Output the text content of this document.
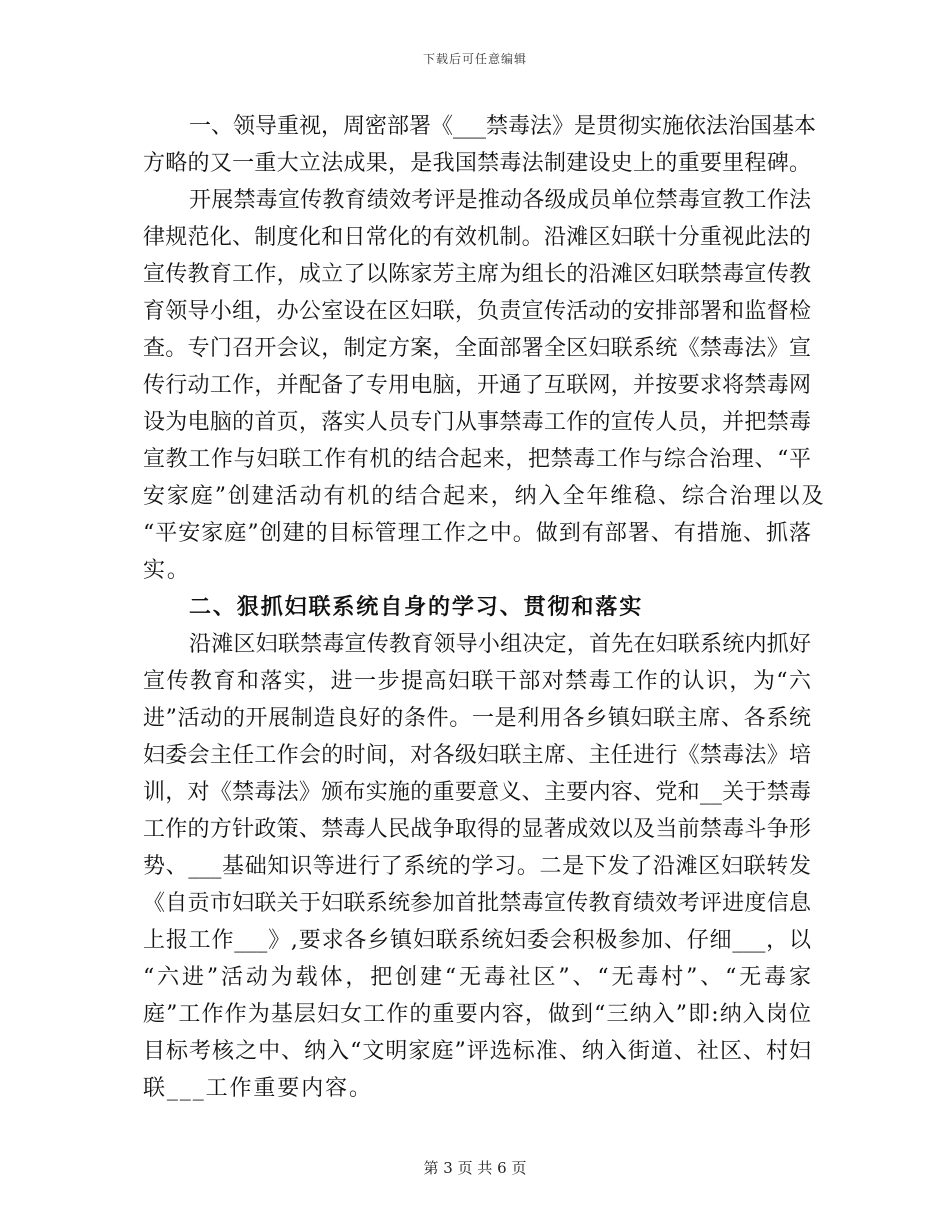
下载后可任意编辑
一、领导重视，周密部署《___禁毒法》是贯彻实施依法治国基本
方略的又一重大立法成果，是我国禁毒法制建设史上的重要里程碑。
开展禁毒宣传教育绩效考评是推动各级成员单位禁毒宣教工作法
律规范化、制度化和日常化的有效机制。沿滩区妇联十分重视此法的
宣传教育工作，成立了以陈家芳主席为组长的沿滩区妇联禁毒宣传教
育领导小组，办公室设在区妇联，负责宣传活动的安排部署和监督检
查。专门召开会议，制定方案，全面部署全区妇联系统《禁毒法》宣
传行动工作，并配备了专用电脑，开通了互联网，并按要求将禁毒网
设为电脑的首页，落实人员专门从事禁毒工作的宣传人员，并把禁毒
宣教工作与妇联工作有机的结合起来，把禁毒工作与综合治理、“平
安家庭”创建活动有机的结合起来，纳入全年维稳、综合治理以及
“平安家庭”创建的目标管理工作之中。做到有部署、有措施、抓落
实。
二、狠抓妇联系统自身的学习、贯彻和落实
沿滩区妇联禁毒宣传教育领导小组决定，首先在妇联系统内抓好
宣传教育和落实，进一步提高妇联干部对禁毒工作的认识，为“六
进”活动的开展制造良好的条件。一是利用各乡镇妇联主席、各系统
妇委会主任工作会的时间，对各级妇联主席、主任进行《禁毒法》培
训，对《禁毒法》颁布实施的重要意义、主要内容、党和__关于禁毒
工作的方针政策、禁毒人民战争取得的显著成效以及当前禁毒斗争形
势、___基础知识等进行了系统的学习。二是下发了沿滩区妇联转发
《自贡市妇联关于妇联系统参加首批禁毒宣传教育绩效考评进度信息
上报工作___》,要求各乡镇妇联系统妇委会积极参加、仔细___，以
“六进”活动为载体，把创建“无毒社区”、“无毒村”、“无毒家
庭”工作作为基层妇女工作的重要内容，做到“三纳入”即:纳入岗位
目标考核之中、纳入“文明家庭”评选标准、纳入街道、社区、村妇
联___工作重要内容。
第 3 页 共 6 页
